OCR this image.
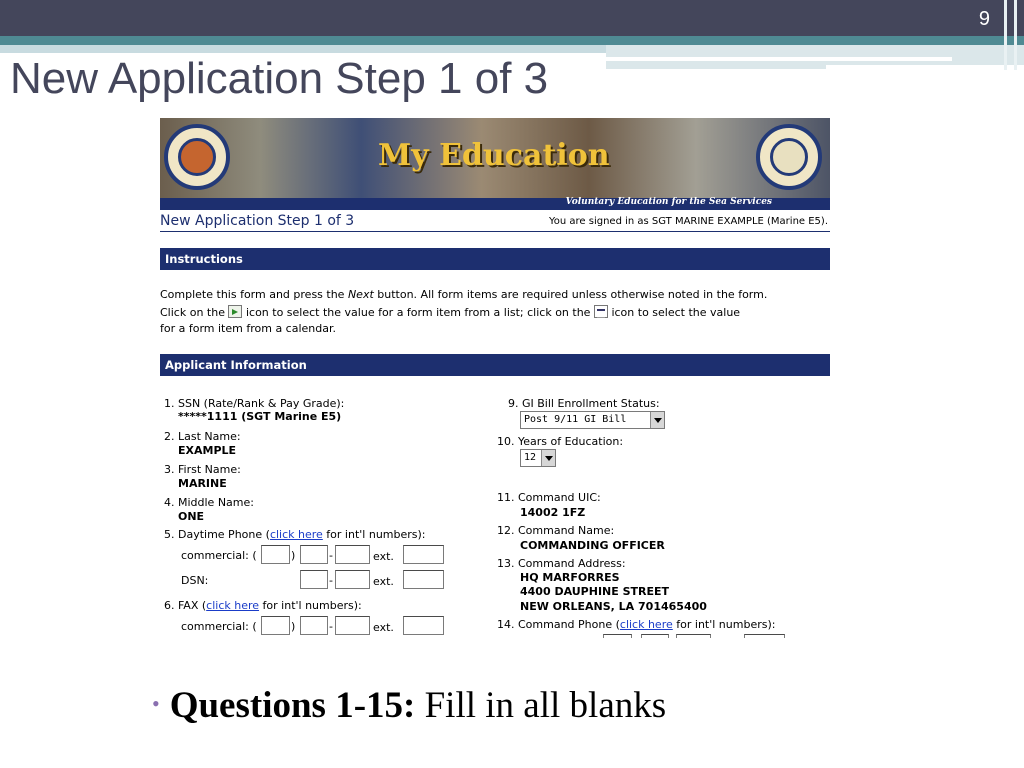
9
New Application Step 1 of 3
My Education
Voluntary Education for the Sea Services
New Application Step 1 of 3	You are signed in as SGT MARINE EXAMPLE (Marine E5).
Instructions
Complete this form and press the Next button. All form items are required unless otherwise noted in the form.
Click on the  icon to select the value for a form item from a list; click on the  icon to select the value
for a form item from a calendar.
Applicant Information
1. SSN (Rate/Rank & Pay Grade):
*****1111 (SGT Marine E5)
2. Last Name:
EXAMPLE
3. First Name:
MARINE
4. Middle Name:
ONE
5. Daytime Phone (click here for int'l numbers):
commercial: (	)	-	ext.
DSN:	-	ext.
6. FAX (click here for int'l numbers):
commercial: (	)	-	ext.
9. GI Bill Enrollment Status:
Post 9/11 GI Bill
10. Years of Education:
12
11. Command UIC:
14002 1FZ
12. Command Name:
COMMANDING OFFICER
13. Command Address:
HQ MARFORRES
4400 DAUPHINE STREET
NEW ORLEANS, LA 701465400
14. Command Phone (click here for int'l numbers):
• Questions 1-15: Fill in all blanks
